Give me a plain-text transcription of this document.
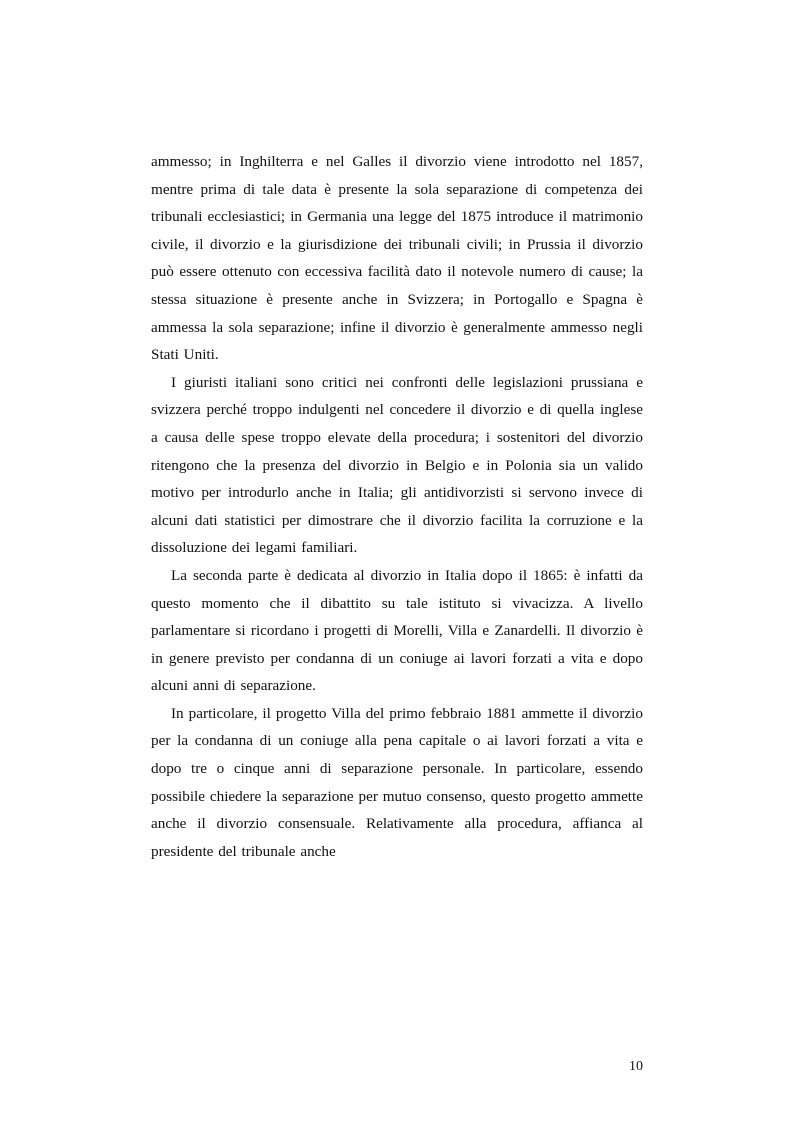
ammesso; in Inghilterra e nel Galles il divorzio viene introdotto nel 1857, mentre prima di tale data è presente la sola separazione di competenza dei tribunali ecclesiastici; in Germania una legge del 1875 introduce il matrimonio civile, il divorzio e la giurisdizione dei tribunali civili; in Prussia il divorzio può essere ottenuto con eccessiva facilità dato il notevole numero di cause; la stessa situazione è presente anche in Svizzera; in Portogallo e Spagna è ammessa la sola separazione; infine il divorzio è generalmente ammesso negli Stati Uniti.

I giuristi italiani sono critici nei confronti delle legislazioni prussiana e svizzera perché troppo indulgenti nel concedere il divorzio e di quella inglese a causa delle spese troppo elevate della procedura; i sostenitori del divorzio ritengono che la presenza del divorzio in Belgio e in Polonia sia un valido motivo per introdurlo anche in Italia; gli antidivorzisti si servono invece di alcuni dati statistici per dimostrare che il divorzio facilita la corruzione e la dissoluzione dei legami familiari.

La seconda parte è dedicata al divorzio in Italia dopo il 1865: è infatti da questo momento che il dibattito su tale istituto si vivacizza. A livello parlamentare si ricordano i progetti di Morelli, Villa e Zanardelli. Il divorzio è in genere previsto per condanna di un coniuge ai lavori forzati a vita e dopo alcuni anni di separazione.

In particolare, il progetto Villa del primo febbraio 1881 ammette il divorzio per la condanna di un coniuge alla pena capitale o ai lavori forzati a vita e dopo tre o cinque anni di separazione personale. In particolare, essendo possibile chiedere la separazione per mutuo consenso, questo progetto ammette anche il divorzio consensuale. Relativamente alla procedura, affianca al presidente del tribunale anche

10
